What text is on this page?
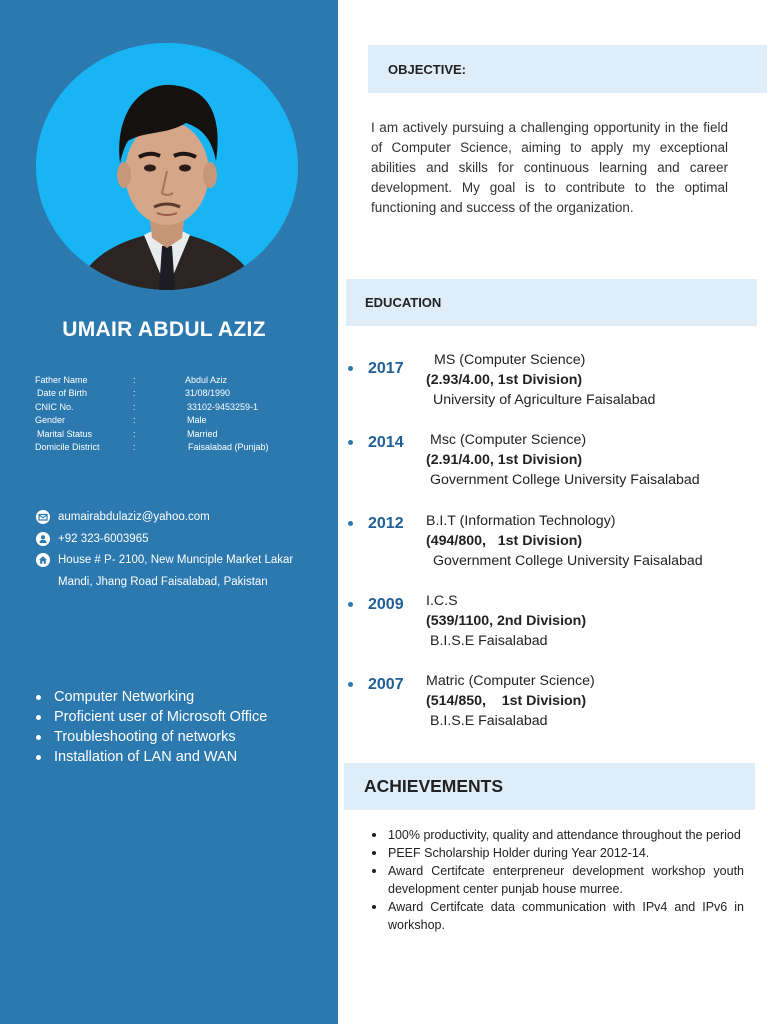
UMAIR ABDUL AZIZ
Father Name	:	Abdul Aziz
Date of Birth	:	31/08/1990
CNIC No.	:	33102-9453259-1
Gender	:	Male
Marital Status	:	Married
Domicile District	:	Faisalabad (Punjab)
aumairabdulaziz@yahoo.com
+92 323-6003965
House # P- 2100, New Munciple Market Lakar
Mandi, Jhang Road Faisalabad, Pakistan
Computer Networking
Proficient user of Microsoft Office
Troubleshooting of networks
Installation of LAN and WAN
OBJECTIVE:
I am actively pursuing a challenging opportunity in the field of Computer Science, aiming to apply my exceptional abilities and skills for continuous learning and career development. My goal is to contribute to the optimal functioning and success of the organization.
EDUCATION
2017 MS (Computer Science)
(2.93/4.00, 1st Division)
University of Agriculture Faisalabad
2014 Msc (Computer Science)
(2.91/4.00, 1st Division)
Government College University Faisalabad
2012 B.I.T (Information Technology)
(494/800,   1st Division)
Government College University Faisalabad
2009 I.C.S
(539/1100, 2nd Division)
B.I.S.E Faisalabad
2007 Matric (Computer Science)
(514/850,    1st Division)
B.I.S.E Faisalabad
ACHIEVEMENTS
100% productivity, quality and attendance throughout the period
PEEF Scholarship Holder during Year 2012-14.
Award Certifcate enterpreneur development workshop youth development center punjab house murree.
Award Certifcate data communication with IPv4 and IPv6 in workshop.
